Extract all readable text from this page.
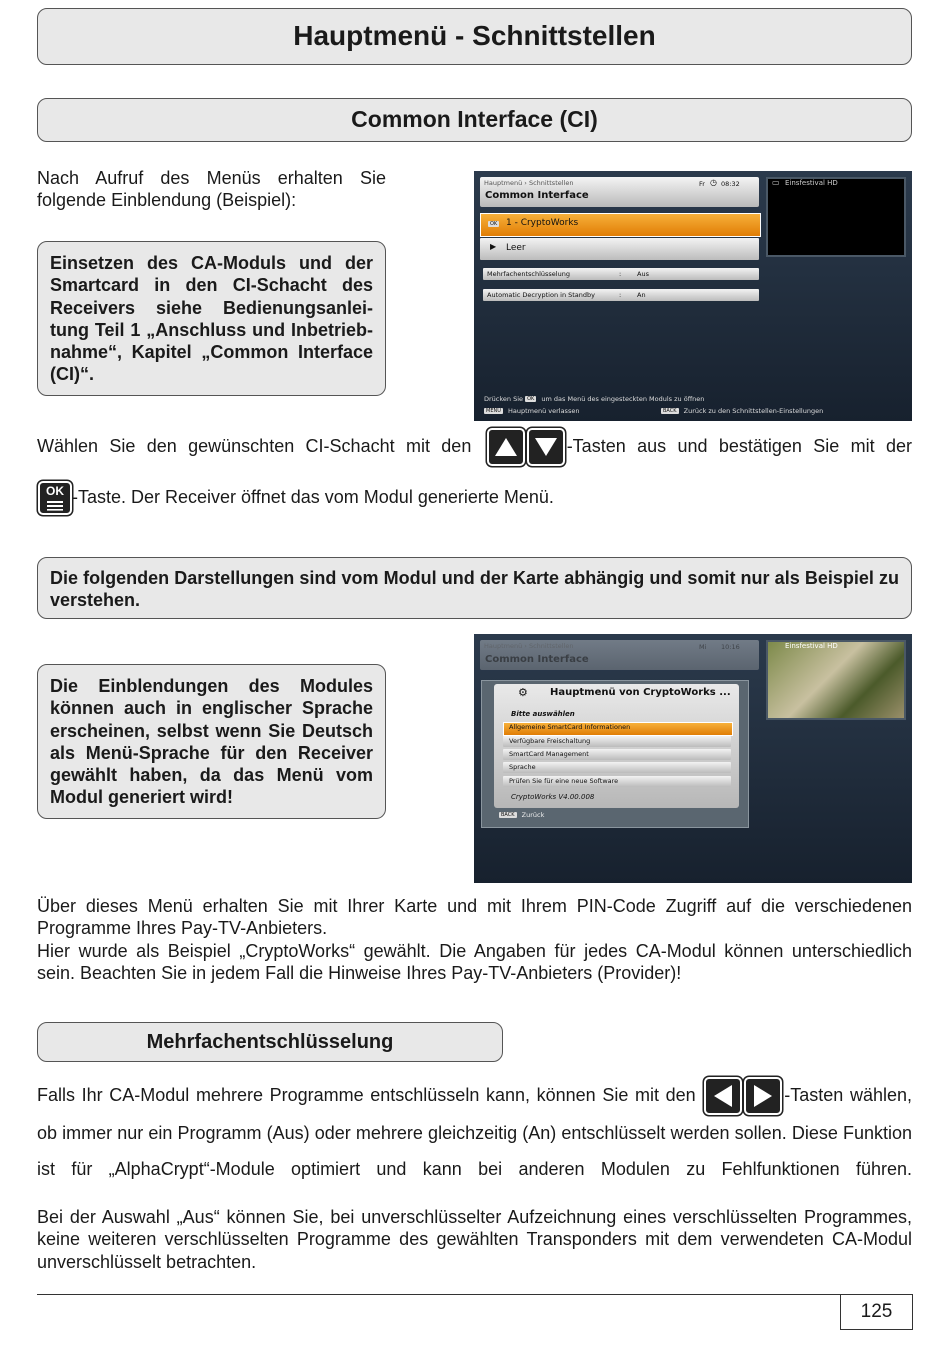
Hauptmenü - Schnittstellen
Common Interface (CI)
Nach Aufruf des Menüs erhalten Sie folgende Einblendung (Beispiel):
Einsetzen des CA-Moduls und der Smartcard in den CI-Schacht des Receivers siehe Bedienungsanleitung Teil 1 „Anschluss und Inbetriebnahme“, Kapitel „Common Interface (CI)“.
Hauptmenü › Schnittstellen
Common Interface
Fr ◷ 08:32	Einsfestival HD
▭
OK 1 - CryptoWorks
▶ Leer
Mehrfachentschlüsselung	: Aus
Automatic Decryption in Standby	: An
Drücken Sie OK um das Menü des eingesteckten Moduls zu öffnen
MENU Hauptmenü verlassen	BACK Zurück zu den Schnittstellen-Einstellungen
Wählen Sie den gewünschten CI-Schacht mit den	-Tasten aus und bestätigen Sie mit der
OK -Taste. Der Receiver öffnet das vom Modul generierte Menü.
Die folgenden Darstellungen sind vom Modul und der Karte abhängig und somit nur als Beispiel zu verstehen.
Die Einblendungen des Modules können auch in englischer Sprache erscheinen, selbst wenn Sie Deutsch als Menü-Sprache für den Receiver gewählt haben, da das Menü vom Modul generiert wird!
Hauptmenü › Schnittstellen
Common Interface
Mi 10:16	Einsfestival HD
⚙ Hauptmenü von CryptoWorks ...
Bitte auswählen
Allgemeine SmartCard Informationen
Verfügbare Freischaltung
SmartCard Management
Sprache
Prüfen Sie für eine neue Software
CryptoWorks V4.00.008
BACK Zurück
Über dieses Menü erhalten Sie mit Ihrer Karte und mit Ihrem PIN-Code Zugriff auf die verschiedenen Programme Ihres Pay-TV-Anbieters.
Hier wurde als Beispiel „CryptoWorks“ gewählt. Die Angaben für jedes CA-Modul können unterschiedlich sein. Beachten Sie in jedem Fall die Hinweise Ihres Pay-TV-Anbieters (Provider)!
Mehrfachentschlüsselung
Falls Ihr CA-Modul mehrere Programme entschlüsseln kann, können Sie mit den	-Tasten wählen, ob immer nur ein Programm (Aus) oder mehrere gleichzeitig (An) entschlüsselt werden sollen. Diese Funktion ist für „AlphaCrypt“-Module optimiert und kann bei anderen Modulen zu Fehlfunktionen führen.
Bei der Auswahl „Aus“ können Sie, bei unverschlüsselter Aufzeichnung eines verschlüsselten Programmes, keine weiteren verschlüsselten Programme des gewählten Transponders mit dem verwendeten CA-Modul unverschlüsselt betrachten.
125
